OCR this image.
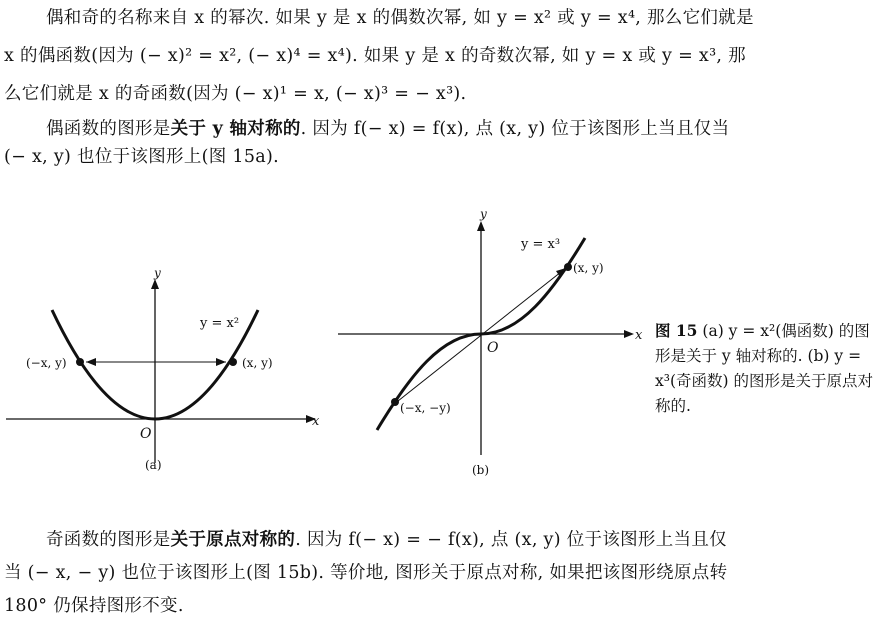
偶和奇的名称来自 x 的幂次. 如果 y 是 x 的偶数次幂, 如 y = x² 或 y = x⁴, 那么它们就是
x 的偶函数(因为 (− x)² = x², (− x)⁴ = x⁴). 如果 y 是 x 的奇数次幂, 如 y = x 或 y = x³, 那
么它们就是 x 的奇函数(因为 (− x)¹ = x, (− x)³ = − x³).
偶函数的图形是关于 y 轴对称的. 因为 f(− x) = f(x), 点 (x, y) 位于该图形上当且仅当
(− x, y) 也位于该图形上(图 15a).
y
x
O
y = x²
(−x, y)	(x, y)
(a)
y
x
O
y = x³
(x, y)
(−x, −y)
(b)
图 15 (a) y = x²(偶函数) 的图形是关于 y 轴对称的. (b) y = x³(奇函数) 的图形是关于原点对称的.
奇函数的图形是关于原点对称的. 因为 f(− x) = − f(x), 点 (x, y) 位于该图形上当且仅
当 (− x, − y) 也位于该图形上(图 15b). 等价地, 图形关于原点对称, 如果把该图形绕原点转
180° 仍保持图形不变.
